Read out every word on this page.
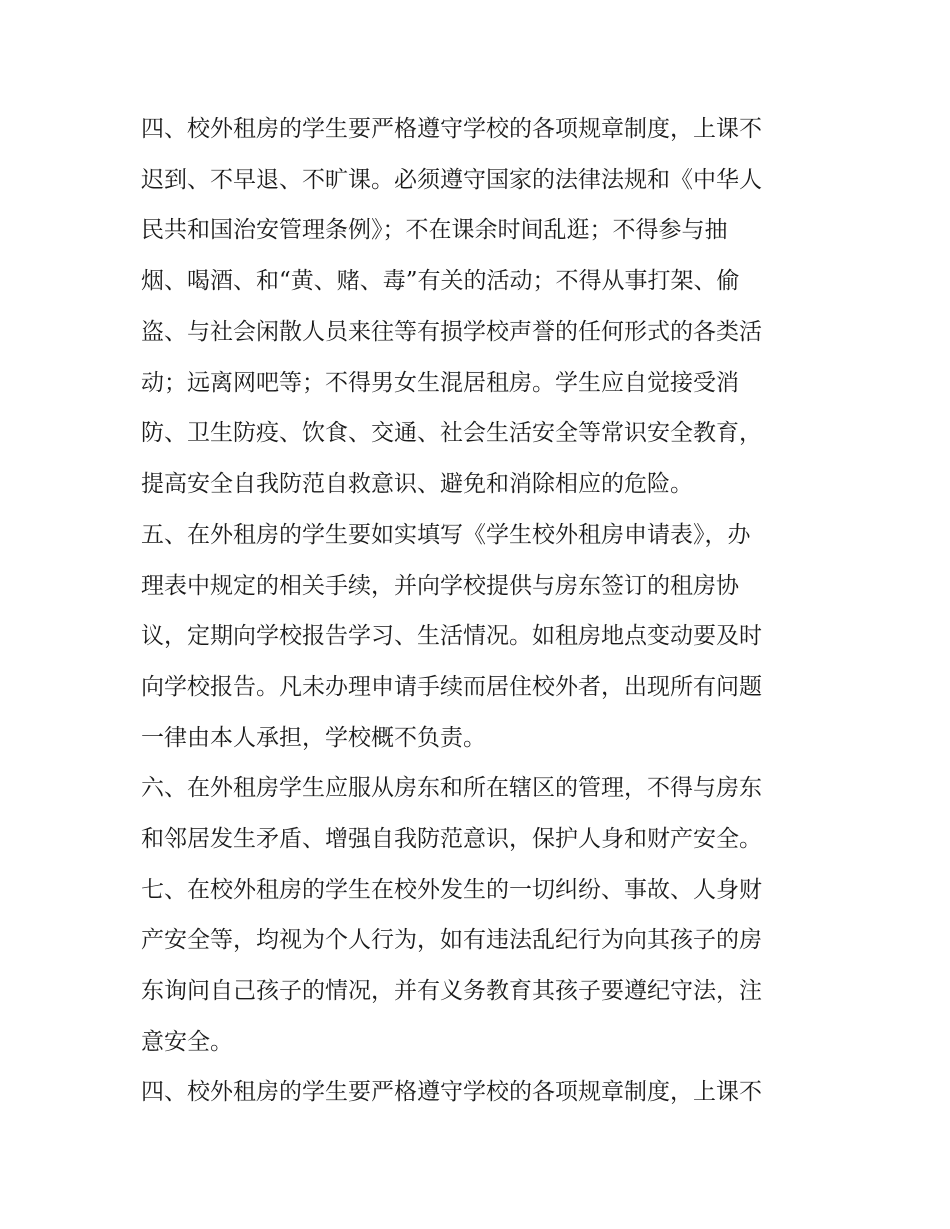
四、校外租房的学生要严格遵守学校的各项规章制度，上课不
迟到、不早退、不旷课。必须遵守国家的法律法规和《中华人
民共和国治安管理条例》；不在课余时间乱逛；不得参与抽
烟、喝酒、和“黄、赌、毒”有关的活动；不得从事打架、偷
盗、与社会闲散人员来往等有损学校声誉的任何形式的各类活
动；远离网吧等；不得男女生混居租房。学生应自觉接受消
防、卫生防疫、饮食、交通、社会生活安全等常识安全教育，
提高安全自我防范自救意识、避免和消除相应的危险。
五、在外租房的学生要如实填写《学生校外租房申请表》，办
理表中规定的相关手续，并向学校提供与房东签订的租房协
议，定期向学校报告学习、生活情况。如租房地点变动要及时
向学校报告。凡未办理申请手续而居住校外者，出现所有问题
一律由本人承担，学校概不负责。
六、在外租房学生应服从房东和所在辖区的管理，不得与房东
和邻居发生矛盾、增强自我防范意识，保护人身和财产安全。
七、在校外租房的学生在校外发生的一切纠纷、事故、人身财
产安全等，均视为个人行为，如有违法乱纪行为向其孩子的房
东询问自己孩子的情况，并有义务教育其孩子要遵纪守法，注
意安全。
四、校外租房的学生要严格遵守学校的各项规章制度，上课不
